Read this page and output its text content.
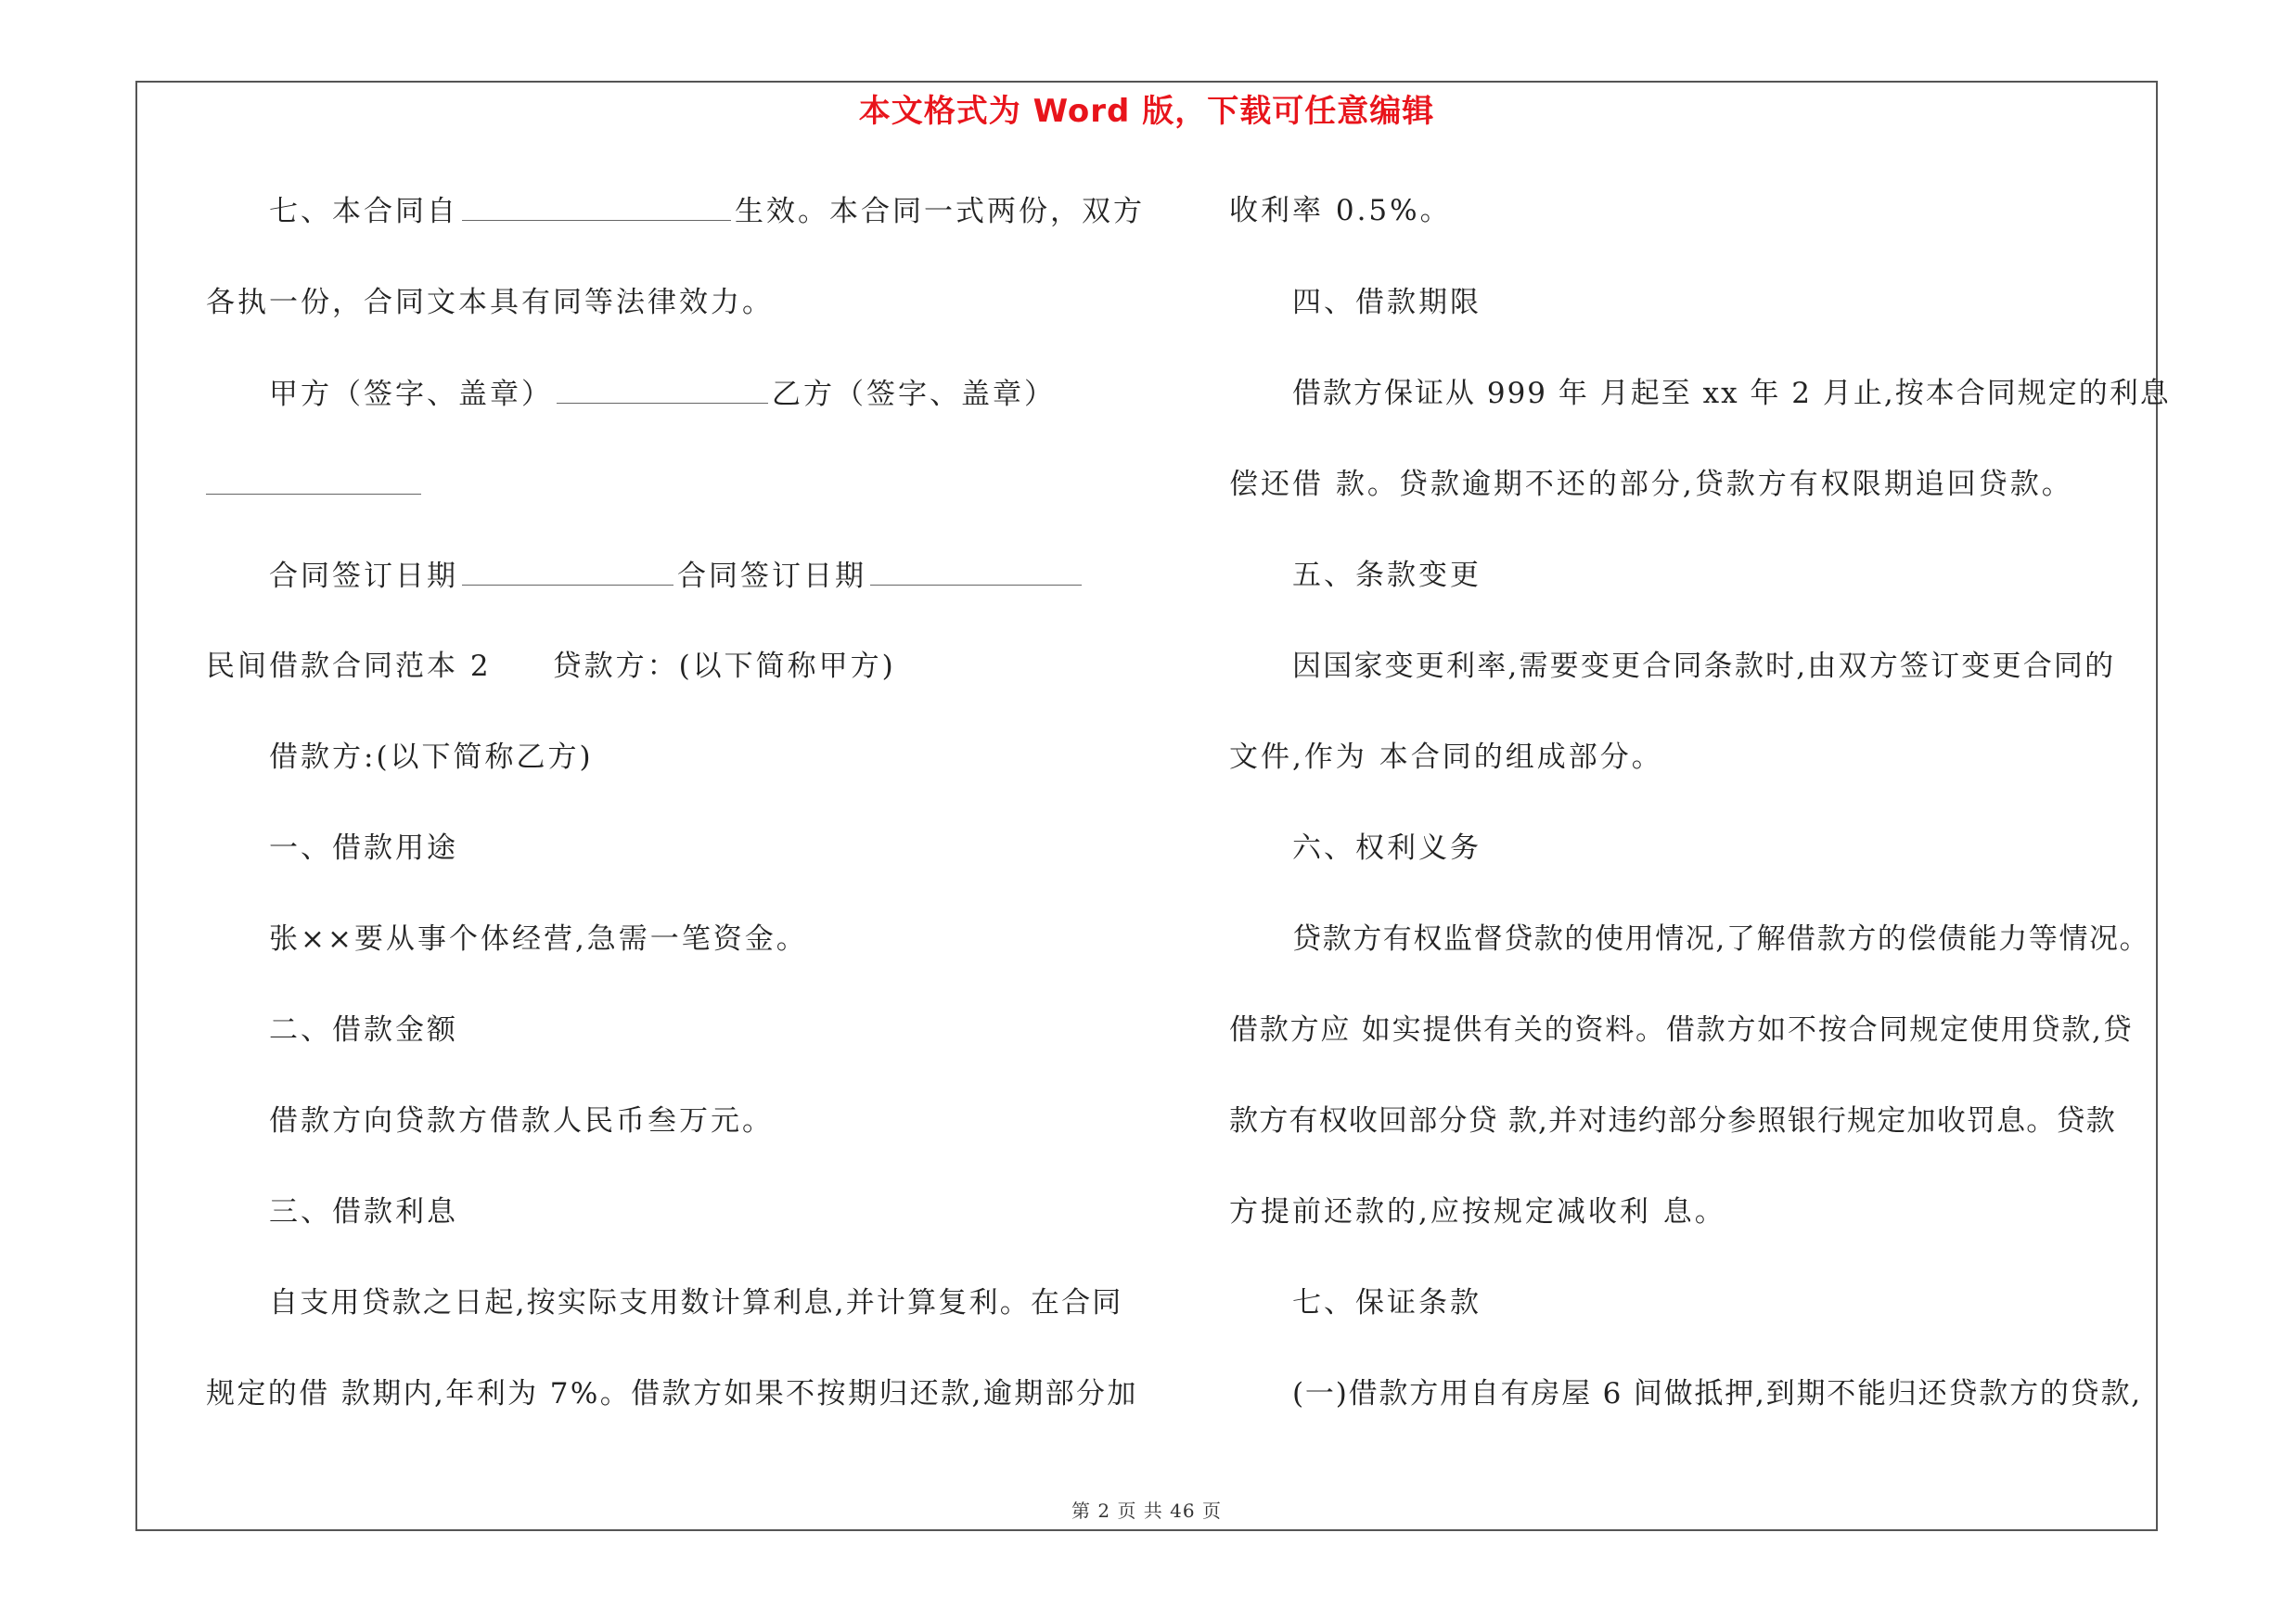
本文格式为 Word 版，下载可任意编辑
七、本合同自	生效。本合同一式两份，双方
各执一份，合同文本具有同等法律效力。
甲方（签字、盖章）	乙方（签字、盖章）
合同签订日期	合同签订日期
民间借款合同范本 2 贷款方：(以下简称甲方)
借款方:(以下简称乙方)
一、借款用途
张××要从事个体经营,急需一笔资金。
二、借款金额
借款方向贷款方借款人民币叁万元。
三、借款利息
自支用贷款之日起,按实际支用数计算利息,并计算复利。在合同
规定的借 款期内,年利为 7%。借款方如果不按期归还款,逾期部分加
收利率 0.5%。
四、借款期限
借款方保证从 999 年 月起至 xx 年 2 月止,按本合同规定的利息
偿还借 款。贷款逾期不还的部分,贷款方有权限期追回贷款。
五、条款变更
因国家变更利率,需要变更合同条款时,由双方签订变更合同的
文件,作为 本合同的组成部分。
六、权利义务
贷款方有权监督贷款的使用情况,了解借款方的偿债能力等情况。
借款方应 如实提供有关的资料。借款方如不按合同规定使用贷款,贷
款方有权收回部分贷 款,并对违约部分参照银行规定加收罚息。贷款
方提前还款的,应按规定减收利 息。
七、保证条款
(一)借款方用自有房屋 6 间做抵押,到期不能归还贷款方的贷款,
第 2 页 共 46 页
